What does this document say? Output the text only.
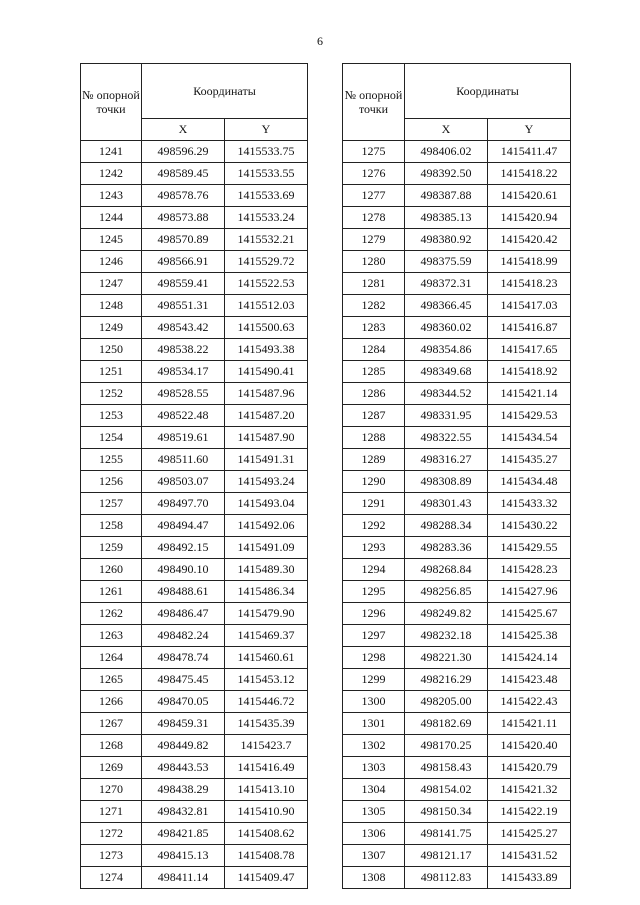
6
№ опорной точки	Координаты	
	X	Y
1241	498596.29	1415533.75
1242	498589.45	1415533.55
1243	498578.76	1415533.69
1244	498573.88	1415533.24
1245	498570.89	1415532.21
1246	498566.91	1415529.72
1247	498559.41	1415522.53
1248	498551.31	1415512.03
1249	498543.42	1415500.63
1250	498538.22	1415493.38
1251	498534.17	1415490.41
1252	498528.55	1415487.96
1253	498522.48	1415487.20
1254	498519.61	1415487.90
1255	498511.60	1415491.31
1256	498503.07	1415493.24
1257	498497.70	1415493.04
1258	498494.47	1415492.06
1259	498492.15	1415491.09
1260	498490.10	1415489.30
1261	498488.61	1415486.34
1262	498486.47	1415479.90
1263	498482.24	1415469.37
1264	498478.74	1415460.61
1265	498475.45	1415453.12
1266	498470.05	1415446.72
1267	498459.31	1415435.39
1268	498449.82	1415423.7
1269	498443.53	1415416.49
1270	498438.29	1415413.10
1271	498432.81	1415410.90
1272	498421.85	1415408.62
1273	498415.13	1415408.78
1274	498411.14	1415409.47
№ опорной точки	Координаты	
	X	Y
1275	498406.02	1415411.47
1276	498392.50	1415418.22
1277	498387.88	1415420.61
1278	498385.13	1415420.94
1279	498380.92	1415420.42
1280	498375.59	1415418.99
1281	498372.31	1415418.23
1282	498366.45	1415417.03
1283	498360.02	1415416.87
1284	498354.86	1415417.65
1285	498349.68	1415418.92
1286	498344.52	1415421.14
1287	498331.95	1415429.53
1288	498322.55	1415434.54
1289	498316.27	1415435.27
1290	498308.89	1415434.48
1291	498301.43	1415433.32
1292	498288.34	1415430.22
1293	498283.36	1415429.55
1294	498268.84	1415428.23
1295	498256.85	1415427.96
1296	498249.82	1415425.67
1297	498232.18	1415425.38
1298	498221.30	1415424.14
1299	498216.29	1415423.48
1300	498205.00	1415422.43
1301	498182.69	1415421.11
1302	498170.25	1415420.40
1303	498158.43	1415420.79
1304	498154.02	1415421.32
1305	498150.34	1415422.19
1306	498141.75	1415425.27
1307	498121.17	1415431.52
1308	498112.83	1415433.89
